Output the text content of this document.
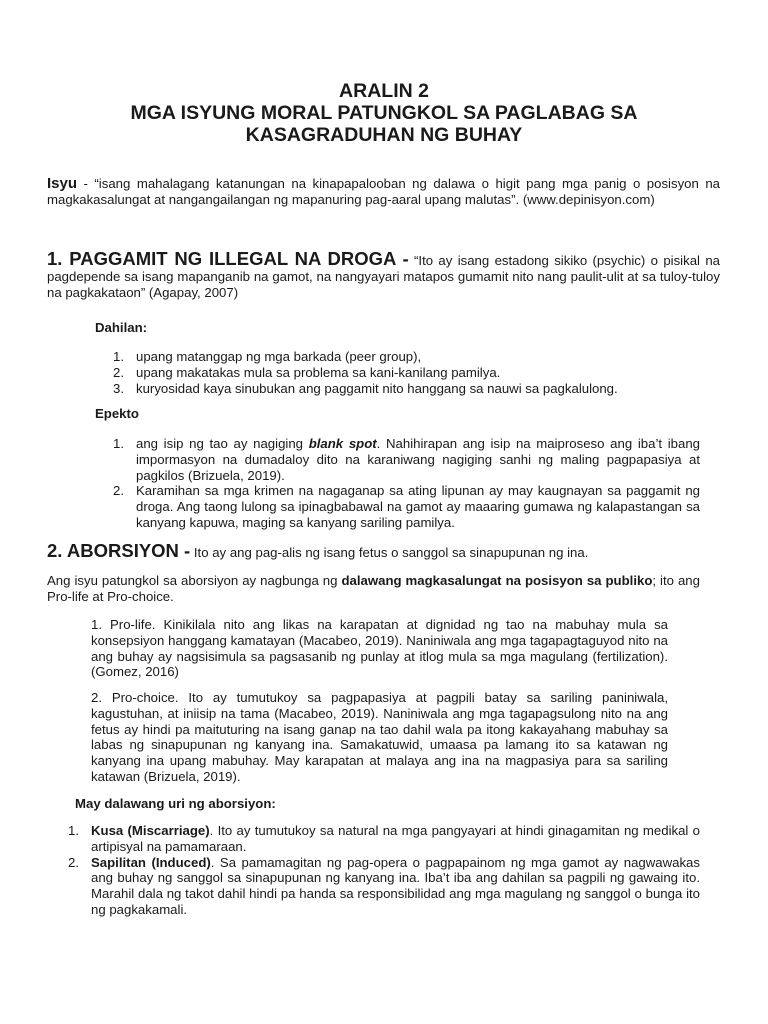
ARALIN 2
MGA ISYUNG MORAL PATUNGKOL SA PAGLABAG SA
KASAGRADUHAN NG BUHAY
Isyu - “isang mahalagang katanungan na kinapapalooban ng dalawa o higit pang mga panig o posisyon na magkakasalungat at nangangailangan ng mapanuring pag-aaral upang malutas”. (www.depinisyon.com)
1. PAGGAMIT NG ILLEGAL NA DROGA - “Ito ay isang estadong sikiko (psychic) o pisikal na pagdepende sa isang mapanganib na gamot, na nangyayari matapos gumamit nito nang paulit-ulit at sa tuloy-tuloy na pagkakataon” (Agapay, 2007)
Dahilan:
1. upang matanggap ng mga barkada (peer group),
2. upang makatakas mula sa problema sa kani-kanilang pamilya.
3. kuryosidad kaya sinubukan ang paggamit nito hanggang sa nauwi sa pagkalulong.
Epekto
1. ang isip ng tao ay nagiging blank spot. Nahihirapan ang isip na maiproseso ang iba’t ibang impormasyon na dumadaloy dito na karaniwang nagiging sanhi ng maling pagpapasiya at pagkilos (Brizuela, 2019).
2. Karamihan sa mga krimen na nagaganap sa ating lipunan ay may kaugnayan sa paggamit ng droga. Ang taong lulong sa ipinagbabawal na gamot ay maaaring gumawa ng kalapastangan sa kanyang kapuwa, maging sa kanyang sariling pamilya.
2. ABORSIYON - Ito ay ang pag-alis ng isang fetus o sanggol sa sinapupunan ng ina.
Ang isyu patungkol sa aborsiyon ay nagbunga ng dalawang magkasalungat na posisyon sa publiko; ito ang Pro-life at Pro-choice.

1. Pro-life. Kinikilala nito ang likas na karapatan at dignidad ng tao na mabuhay mula sa konsepsiyon hanggang kamatayan (Macabeo, 2019). Naniniwala ang mga tagapagtaguyod nito na ang buhay ay nagsisimula sa pagsasanib ng punlay at itlog mula sa mga magulang (fertilization). (Gomez, 2016)

2. Pro-choice. Ito ay tumutukoy sa pagpapasiya at pagpili batay sa sariling paniniwala, kagustuhan, at iniisip na tama (Macabeo, 2019). Naniniwala ang mga tagapagsulong nito na ang fetus ay hindi pa maituturing na isang ganap na tao dahil wala pa itong kakayahang mabuhay sa labas ng sinapupunan ng kanyang ina. Samakatuwid, umaasa pa lamang ito sa katawan ng kanyang ina upang mabuhay. May karapatan at malaya ang ina na magpasiya para sa sariling katawan (Brizuela, 2019).

May dalawang uri ng aborsiyon:
1. Kusa (Miscarriage). Ito ay tumutukoy sa natural na mga pangyayari at hindi ginagamitan ng medikal o artipisyal na pamamaraan.
2. Sapilitan (Induced). Sa pamamagitan ng pag-opera o pagpapainom ng mga gamot ay nagwawakas ang buhay ng sanggol sa sinapupunan ng kanyang ina. Iba’t iba ang dahilan sa pagpili ng gawaing ito. Marahil dala ng takot dahil hindi pa handa sa responsibilidad ang mga magulang ng sanggol o bunga ito ng pagkakamali.
